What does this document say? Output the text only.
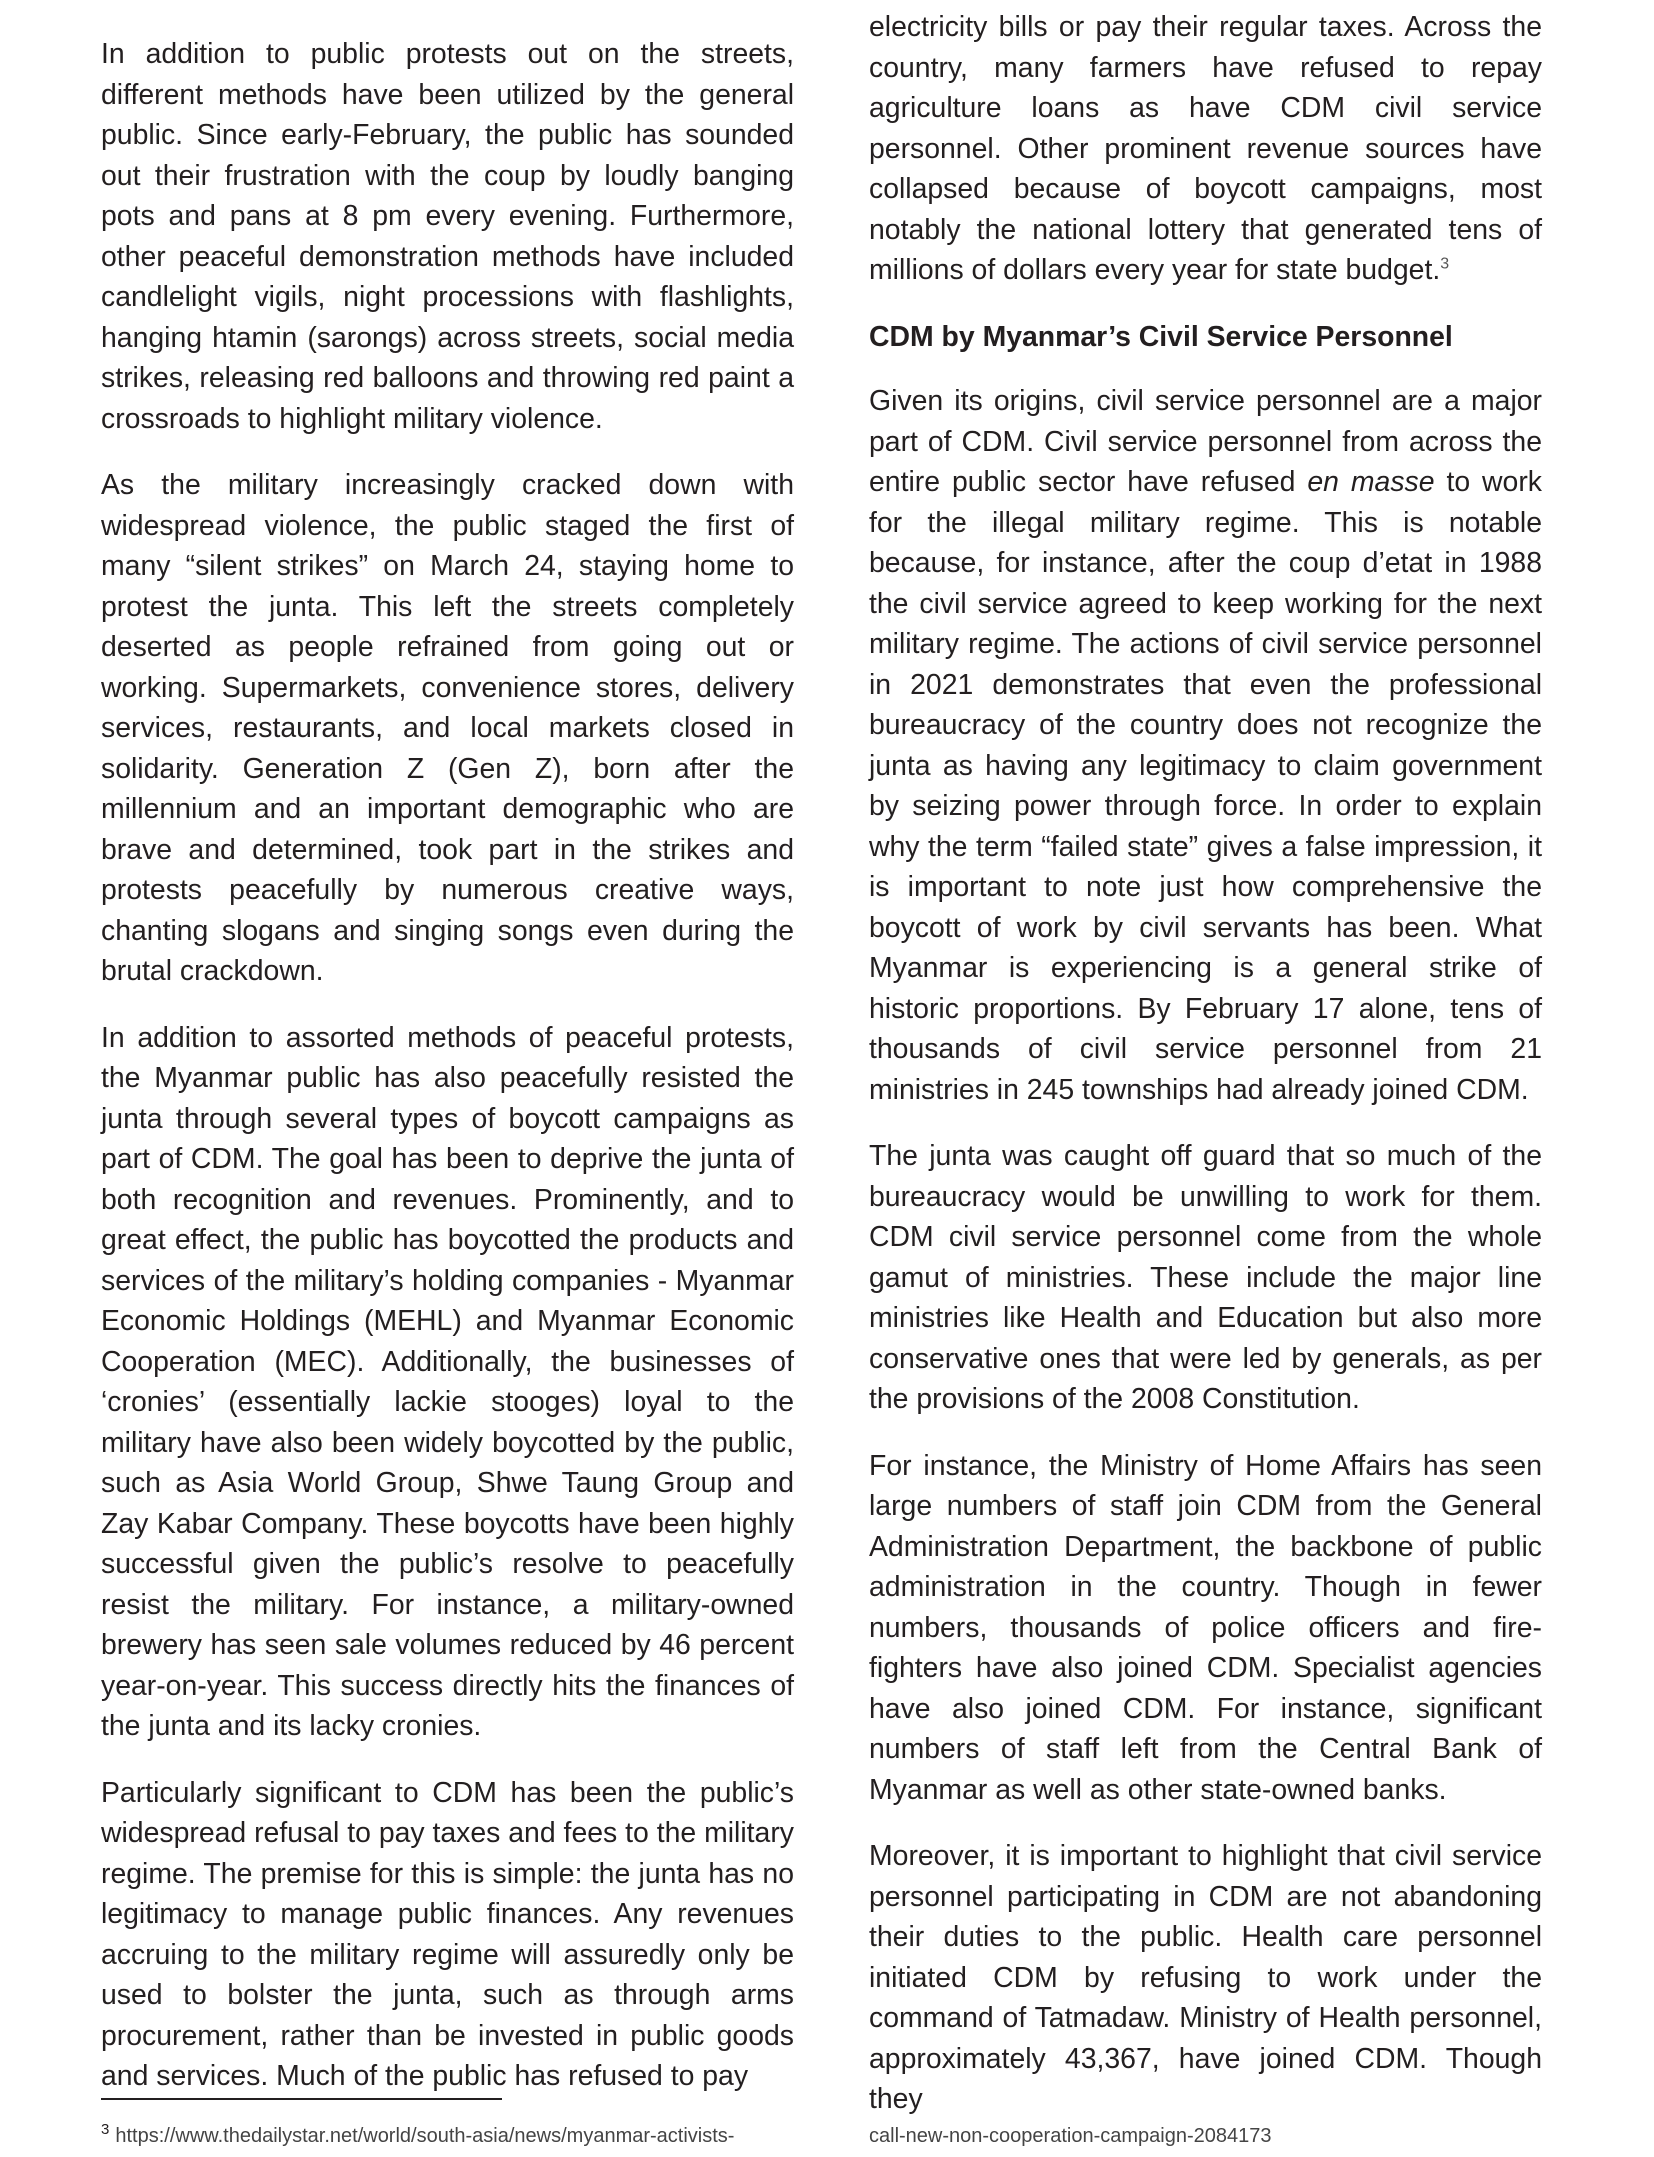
In addition to public protests out on the streets, different methods have been utilized by the general public. Since early-February, the public has sounded out their frustration with the coup by loudly banging pots and pans at 8 pm every evening. Furthermore, other peaceful demonstration methods have included candlelight vigils, night processions with flashlights, hanging htamin (sarongs) across streets, social media strikes, releasing red balloons and throwing red paint a crossroads to highlight military violence.

As the military increasingly cracked down with widespread violence, the public staged the first of many “silent strikes” on March 24, staying home to protest the junta. This left the streets completely deserted as people refrained from going out or working. Supermarkets, convenience stores, delivery services, restaurants, and local markets closed in solidarity. Generation Z (Gen Z), born after the millennium and an important demographic who are brave and determined, took part in the strikes and protests peacefully by numerous creative ways, chanting slogans and singing songs even during the brutal crackdown.

In addition to assorted methods of peaceful protests, the Myanmar public has also peacefully resisted the junta through several types of boycott campaigns as part of CDM. The goal has been to deprive the junta of both recognition and revenues. Prominently, and to great effect, the public has boycotted the products and services of the military’s holding companies - Myanmar Economic Holdings (MEHL) and Myanmar Economic Cooperation (MEC). Additionally, the businesses of ‘cronies’ (essentially lackie stooges) loyal to the military have also been widely boycotted by the public, such as Asia World Group, Shwe Taung Group and Zay Kabar Company. These boycotts have been highly successful given the public’s resolve to peacefully resist the military. For instance, a military-owned brewery has seen sale volumes reduced by 46 percent year-on-year. This success directly hits the finances of the junta and its lacky cronies.

Particularly significant to CDM has been the public’s widespread refusal to pay taxes and fees to the military regime. The premise for this is simple: the junta has no legitimacy to manage public finances. Any revenues accruing to the military regime will assuredly only be used to bolster the junta, such as through arms procurement, rather than be invested in public goods and services. Much of the public has refused to pay

electricity bills or pay their regular taxes. Across the country, many farmers have refused to repay agriculture loans as have CDM civil service personnel. Other prominent revenue sources have collapsed because of boycott campaigns, most notably the national lottery that generated tens of millions of dollars every year for state budget.$^3$

CDM by Myanmar’s Civil Service Personnel

Given its origins, civil service personnel are a major part of CDM. Civil service personnel from across the entire public sector have refused en masse to work for the illegal military regime. This is notable because, for instance, after the coup d’etat in 1988 the civil service agreed to keep working for the next military regime. The actions of civil service personnel in 2021 demonstrates that even the professional bureaucracy of the country does not recognize the junta as having any legitimacy to claim government by seizing power through force. In order to explain why the term “failed state” gives a false impression, it is important to note just how comprehensive the boycott of work by civil servants has been. What Myanmar is experiencing is a general strike of historic proportions. By February 17 alone, tens of thousands of civil service personnel from 21 ministries in 245 townships had already joined CDM.

The junta was caught off guard that so much of the bureaucracy would be unwilling to work for them. CDM civil service personnel come from the whole gamut of ministries. These include the major line ministries like Health and Education but also more conservative ones that were led by generals, as per the provisions of the 2008 Constitution.

For instance, the Ministry of Home Affairs has seen large numbers of staff join CDM from the General Administration Department, the backbone of public administration in the country. Though in fewer numbers, thousands of police officers and fire-fighters have also joined CDM. Specialist agencies have also joined CDM. For instance, significant numbers of staff left from the Central Bank of Myanmar as well as other state-owned banks.

Moreover, it is important to highlight that civil service personnel participating in CDM are not abandoning their duties to the public. Health care personnel initiated CDM by refusing to work under the command of Tatmadaw. Ministry of Health personnel, approximately 43,367, have joined CDM. Though they

$^3$ https://www.thedailystar.net/world/south-asia/news/myanmar-activists-	call-new-non-cooperation-campaign-2084173
